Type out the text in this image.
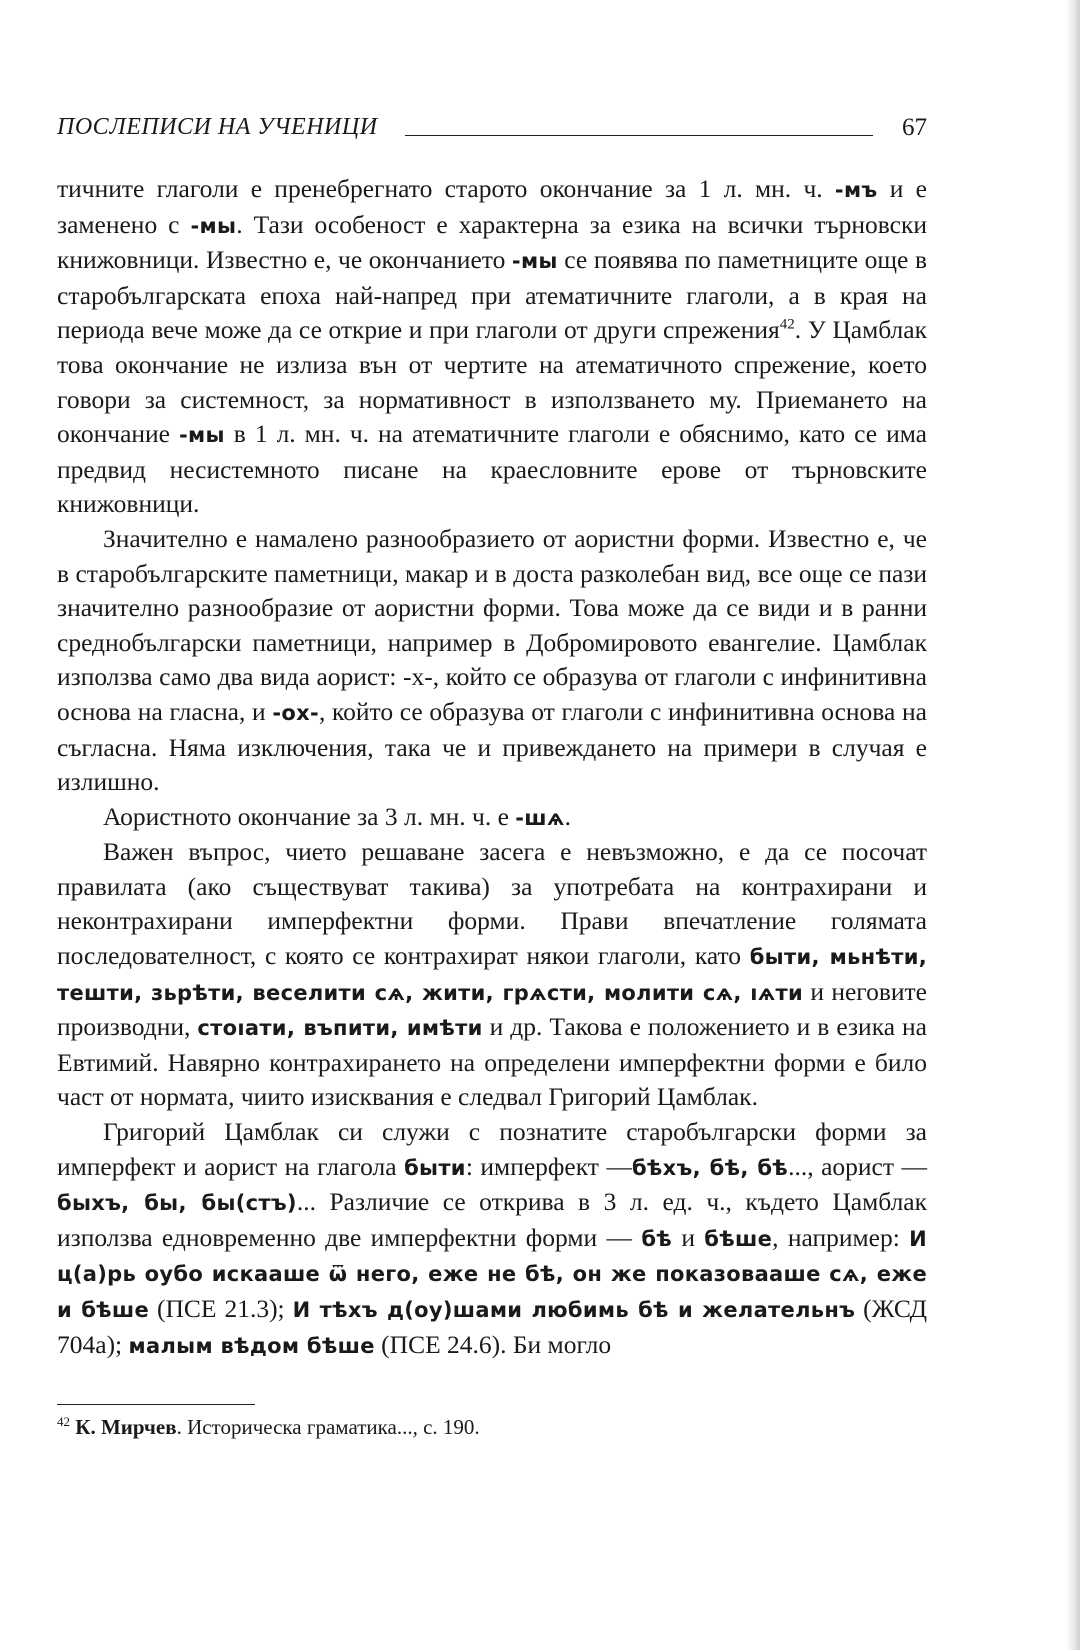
ПОСЛЕПИСИ НА УЧЕНИЦИ	67

тичните глаголи е пренебрегнато старото окончание за 1 л. мн. ч. -мъ и е заменено с -мы. Тази особеност е характерна за езика на всички търновски книжовници. Известно е, че окончанието -мы се появява по паметниците още в старобългарската епоха най-напред при атематичните глаголи, а в края на периода вече може да се открие и при глаголи от други спрежения$^{42}$. У Цамблак това окончание не излиза вън от чертите на атематичното спрежение, което говори за системност, за нормативност в използването му. Приемането на окончание -мы в 1 л. мн. ч. на атематичните глаголи е обяснимо, като се има предвид несистемното писане на краесловните ерове от търновските книжовници.

Значително е намалено разнообразието от аористни форми. Известно е, че в старобългарските паметници, макар и в доста разколебан вид, все още се пази значително разнообразие от аористни форми. Това може да се види и в ранни среднобългарски паметници, например в Добромировото евангелие. Цамблак използва само два вида аорист: -х-, който се образува от глаголи с инфинитивна основа на гласна, и -ох-, който се образува от глаголи с инфинитивна основа на съгласна. Няма изключения, така че и привеждането на примери в случая е излишно.

Аористното окончание за 3 л. мн. ч. е -шѧ.

Важен въпрос, чието решаване засега е невъзможно, е да се посочат правилата (ако съществуват такива) за употребата на контрахирани и неконтрахирани имперфектни форми. Прави впечатление голямата последователност, с която се контрахират някои глаголи, като быти, мьнѣти, тешти, зьрѣти, веселити сѧ, жити, грѧсти, молити сѧ, ıѧти и неговите производни, стоıати, въпити, имѣти и др. Такова е положението и в езика на Евтимий. Навярно контрахирането на определени имперфектни форми е било част от нормата, чиито изисквания е следвал Григорий Цамблак.

Григорий Цамблак си служи с познатите старобългарски форми за имперфект и аорист на глагола быти: имперфект —бѣхъ, бѣ, бѣ..., аорист —быхъ, бы, бы(стъ)... Различие се открива в 3 л. ед. ч., където Цамблак използва едновременно две имперфектни форми — бѣ и бѣше, например: И ц(а)рь оубо искааше ѿ него, еже не бѣ, он же показоваашe сѧ, еже и бѣше (ПСЕ 21.3); И тѣхъ д(оу)шами любимь бѣ и желательнъ (ЖСД 704а); малым вѣдом бѣше (ПСЕ 24.6). Би могло

$^{42}$ К. Мирчев. Историческа граматика..., с. 190.
